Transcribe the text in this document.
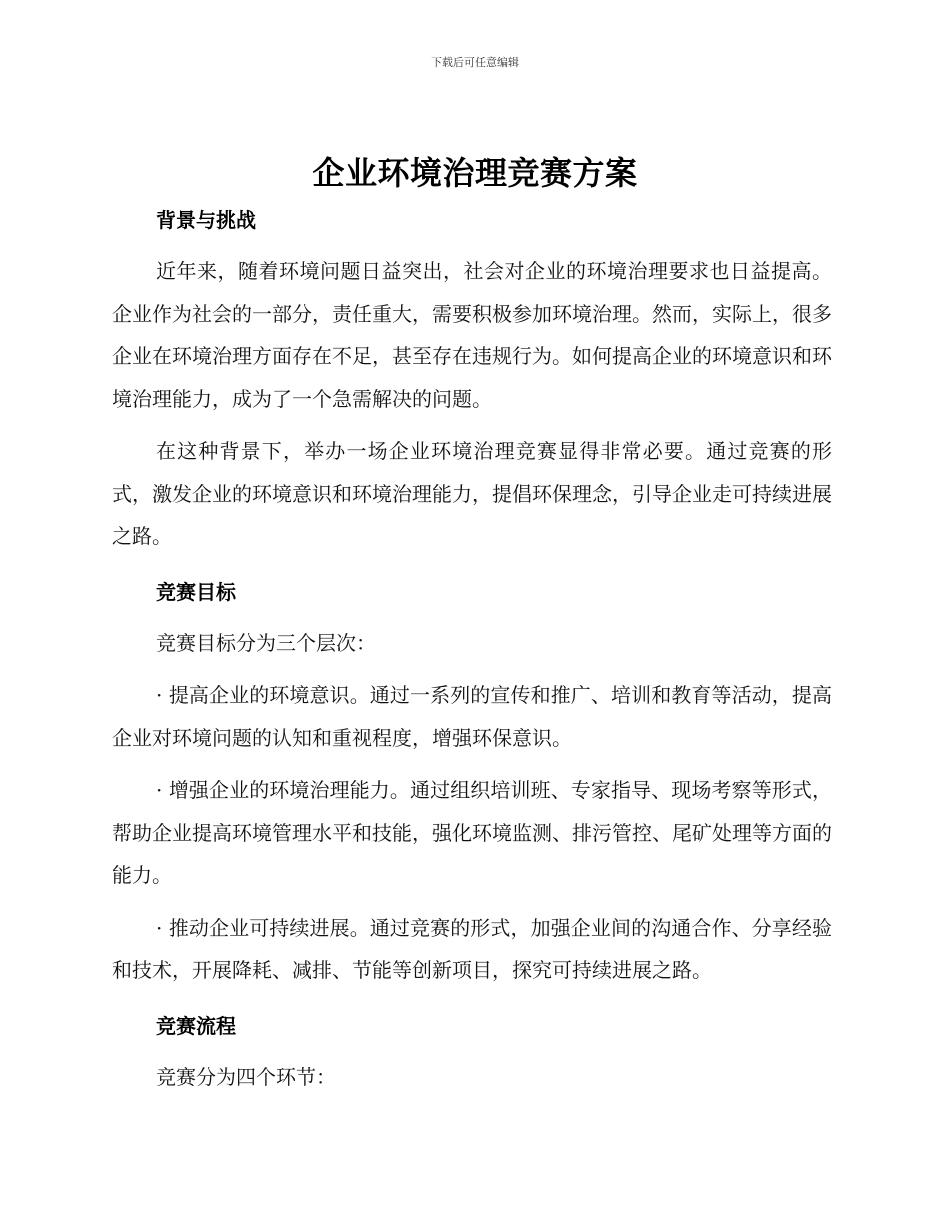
下载后可任意编辑
企业环境治理竞赛方案
背景与挑战

近年来，随着环境问题日益突出，社会对企业的环境治理要求也日益提高。企业作为社会的一部分，责任重大，需要积极参加环境治理。然而，实际上，很多企业在环境治理方面存在不足，甚至存在违规行为。如何提高企业的环境意识和环境治理能力，成为了一个急需解决的问题。

在这种背景下，举办一场企业环境治理竞赛显得非常必要。通过竞赛的形式，激发企业的环境意识和环境治理能力，提倡环保理念，引导企业走可持续进展之路。

竞赛目标

竞赛目标分为三个层次：

· 提高企业的环境意识。通过一系列的宣传和推广、培训和教育等活动，提高企业对环境问题的认知和重视程度，增强环保意识。

· 增强企业的环境治理能力。通过组织培训班、专家指导、现场考察等形式，帮助企业提高环境管理水平和技能，强化环境监测、排污管控、尾矿处理等方面的能力。

· 推动企业可持续进展。通过竞赛的形式，加强企业间的沟通合作、分享经验和技术，开展降耗、减排、节能等创新项目，探究可持续进展之路。

竞赛流程

竞赛分为四个环节：
